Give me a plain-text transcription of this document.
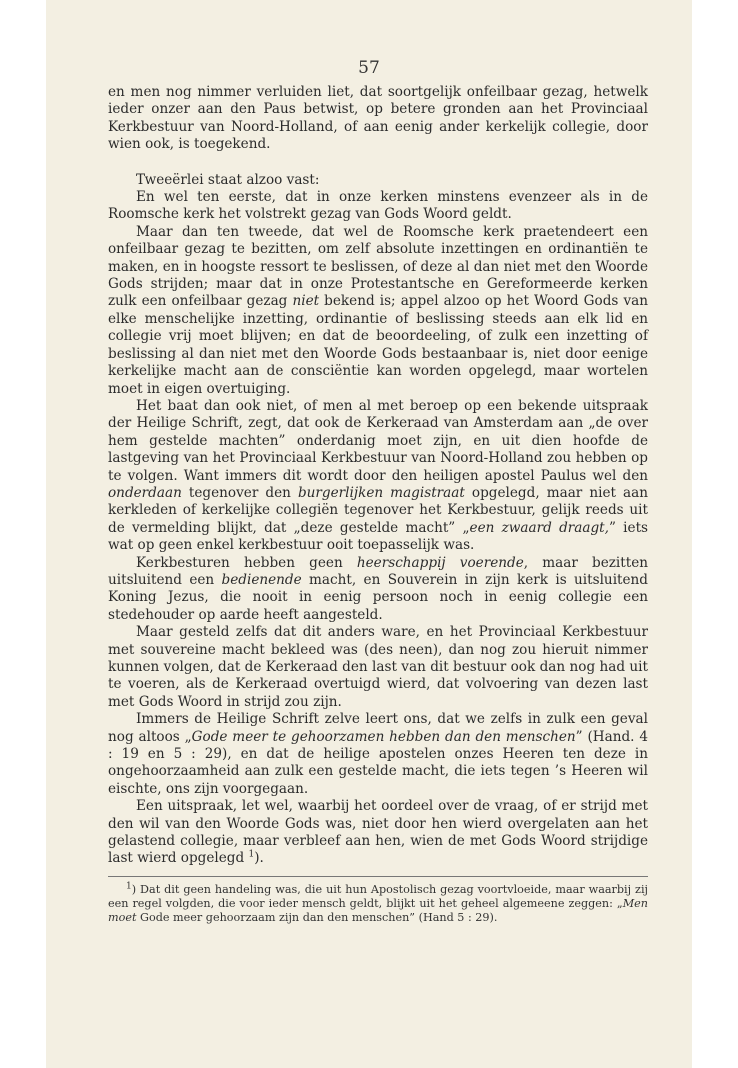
57

en men nog nimmer verluiden liet, dat soortgelijk onfeilbaar gezag, hetwelk ieder onzer aan den Paus betwist, op betere gronden aan het Provinciaal Kerkbestuur van Noord-Holland, of aan eenig ander kerkelijk collegie, door wien ook, is toegekend.

Tweeërlei staat alzoo vast:

En wel ten eerste, dat in onze kerken minstens evenzeer als in de Roomsche kerk het volstrekt gezag van Gods Woord geldt.

Maar dan ten tweede, dat wel de Roomsche kerk praetendeert een onfeilbaar gezag te bezitten, om zelf absolute inzettingen en ordinantiën te maken, en in hoogste ressort te beslissen, of deze al dan niet met den Woorde Gods strijden; maar dat in onze Protestantsche en Gereformeerde kerken zulk een onfeilbaar gezag niet bekend is; appel alzoo op het Woord Gods van elke menschelijke inzetting, ordinantie of beslissing steeds aan elk lid en collegie vrij moet blijven; en dat de beoordeeling, of zulk een inzetting of beslissing al dan niet met den Woorde Gods bestaanbaar is, niet door eenige kerkelijke macht aan de consciëntie kan worden opgelegd, maar wortelen moet in eigen overtuiging.

Het baat dan ook niet, of men al met beroep op een bekende uitspraak der Heilige Schrift, zegt, dat ook de Kerkeraad van Amsterdam aan „de over hem gestelde machten” onderdanig moet zijn, en uit dien hoofde de lastgeving van het Provinciaal Kerkbestuur van Noord-Holland zou hebben op te volgen. Want immers dit wordt door den heiligen apostel Paulus wel den onderdaan tegenover den burgerlijken magistraat opgelegd, maar niet aan kerkleden of kerkelijke collegiën tegenover het Kerkbestuur, gelijk reeds uit de vermelding blijkt, dat „deze gestelde macht” „een zwaard draagt,” iets wat op geen enkel kerkbestuur ooit toepasselijk was.

Kerkbesturen hebben geen heerschappij voerende, maar bezitten uitsluitend een bedienende macht, en Souverein in zijn kerk is uitsluitend Koning Jezus, die nooit in eenig persoon noch in eenig collegie een stedehouder op aarde heeft aangesteld.

Maar gesteld zelfs dat dit anders ware, en het Provinciaal Kerkbestuur met souvereine macht bekleed was (des neen), dan nog zou hieruit nimmer kunnen volgen, dat de Kerkeraad den last van dit bestuur ook dan nog had uit te voeren, als de Kerkeraad overtuigd wierd, dat volvoering van dezen last met Gods Woord in strijd zou zijn.

Immers de Heilige Schrift zelve leert ons, dat we zelfs in zulk een geval nog altoos „Gode meer te gehoorzamen hebben dan den menschen” (Hand. 4 : 19 en 5 : 29), en dat de heilige apostelen onzes Heeren ten deze in ongehoorzaamheid aan zulk een gestelde macht, die iets tegen ’s Heeren wil eischte, ons zijn voorgegaan.

Een uitspraak, let wel, waarbij het oordeel over de vraag, of er strijd met den wil van den Woorde Gods was, niet door hen wierd overgelaten aan het gelastend collegie, maar verbleef aan hen, wien de met Gods Woord strijdige last wierd opgelegd $^1$).

$^1$) Dat dit geen handeling was, die uit hun Apostolisch gezag voortvloeide, maar waarbij zij een regel volgden, die voor ieder mensch geldt, blijkt uit het geheel algemeene zeggen: „Men moet Gode meer gehoorzaam zijn dan den menschen” (Hand 5 : 29).
